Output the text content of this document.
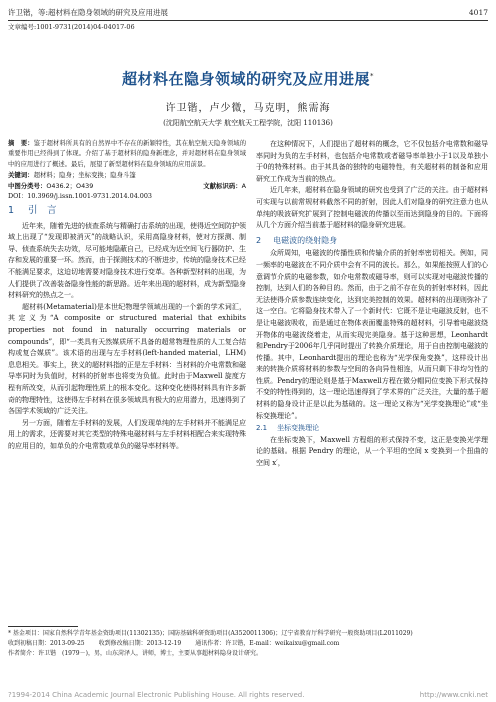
许卫锴，等:超材料在隐身领域的研究及应用进展	4017
文章编号:1001-9731(2014)04-04017-06
超材料在隐身领域的研究及应用进展*
许卫锴，卢少微，马克明，熊需海
(沈阳航空航天大学 航空航天工程学院，沈阳 110136)
摘　要：鉴于超材料所具有的自然界中不存在的新颖特性，其在航空航天隐身领域的重要作用已经得到了体现。介绍了基于超材料的隐身新理念，并对超材料在隐身领域中的应用进行了概述。最后，展望了新型超材料在隐身领域的应用前景。
关键词：超材料；隐身；坐标变换；隐身斗篷
中图分类号：O436.2；O439	文献标识码：A
DOI：10.3969/j.issn.1001-9731.2014.04.003
1 引　言

近年来，随着先进的侦查系统与精确打击系统的出现，使得近空间防护领域上出现了“发现即被消灭”的战略认识，采用高隐身材料，使对方探测、制导、侦查系统失去功效，尽可能地隐蔽自己，已经成为近空间飞行器防护、生存和发展的重要一环。然而，由于探测技术的不断进步，传统的隐身技术已经不能满足要求，这迫切地需要对隐身技术进行变革。各种新型材料的出现，为人们提供了改善装备隐身性能的新思路。近年来出现的超材料，成为新型隐身材料研究的热点之一。

超材料(Metamaterial)是本世纪物理学领域出现的一个新的学术词汇，其定义为“A composite or structured material that exhibits properties not found in naturally occurring materials or compounds”，即“一类具有天然媒质所不具备的超常物理性质的人工复合结构或复合媒质”。该术语的出现与左手材料(left-handed material，LHM)息息相关。事实上，狭义的超材料指的正是左手材料：当材料的介电常数和磁导率同时为负值时，材料的折射率也将变为负值。此时由于Maxwell 旋度方程有所改变，从而引起物理性质上的根本变化。这种变化使得材料具有许多新奇的物理特性，这使得左手材料在很多领域具有极大的应用潜力，迅速得到了各国学术领域的广泛关注。

另一方面，随着左手材料的发展，人们发现单纯的左手材料并不能满足应用上的需求，还需要对其它类型的特殊电磁材料与左手材料相配合来实现特殊的应用目的，如单负的介电常数或单负的磁导率材料等。

在这种情况下，人们提出了超材料的概念，它不仅包括介电常数和磁导率同时为负的左手材料，也包括介电常数或者磁导率单独小于1以及单独小于0的特殊材料。由于其具备的独特的电磁特性，有关超材料的制备和应用研究工作成为当前的热点。

近几年来，超材料在隐身领域的研究也受到了广泛的关注。由于超材料可实现与以前常规材料截然不同的折射，因此人们对隐身的研究注意力也从单纯的吸波研究扩展到了控制电磁波的传播以至而达到隐身的目的。下面将从几个方面介绍当前基于超材料的隐身研究进展。

2 电磁波的绕射隐身

众所周知，电磁波的传播性质和传输介质的折射率密切相关。例如，同一频率的电磁波在不同介质中会有不同的波长。那么，如果能按照人们的心意调节介质的电磁参数，如介电常数或磁导率，则可以实现对电磁波传播的控制，达到人们的各种目的。然而，由于之前不存在负的折射率材料，因此无法使得介质参数连续变化，达到完美控制的效果。超材料的出现则弥补了这一空白。它将隐身技术带入了一个新时代：它既不是让电磁波反射，也不是让电磁波吸收，而是通过在物体表面覆盖特殊的超材料，引导着电磁波绕开物体的电磁波绕着走，从而实现完美隐身。基于这种思想，Leonhardt和Pendry于2006年几乎同时提出了转换介质理论，用于自由控制电磁波的传播。其中，Leonhardt提出的理论也称为“光学保角变换”，这样设计出来的转换介质将材料的参数与空间的各向异性相连，从而只剩下非均匀性的性质。Pendry的理论则是基于Maxwell方程在微分帽同位变换下形式保持不变的特性得到的，这一理论迅速得到了学术界的广泛关注，大量的基于超材料的隐身设计正是以此为基础的。这一理论又称为“光学变换理论”或“坐标变换理论”。

2.1 坐标变换理论

在坐标变换下，Maxwell 方程组的形式保持不变，这正是变换光学理论的基础。根据 Pendry 的理论，从一个平坦的空间 x 变换到一个扭曲的空间 x′，

* 基金项目：国家自然科学青年基金资助项目(11302135)；国防基础科研资助项目(A3520011306)；辽宁省教育厅科学研究一般资助项目(L2011029)
收到初稿日期：2013-09-25 收到修改稿日期：2013-12-19 通讯作者：许卫锴，E-mail：weikaixu@gmail.com
作者简介：许卫锴　(1979－)，男，山东菏泽人，讲师，博士，主要从事超材料隐身设计研究。
?1994-2014 China Academic Journal Electronic Publishing House. All rights reserved.	http://www.cnki.net
